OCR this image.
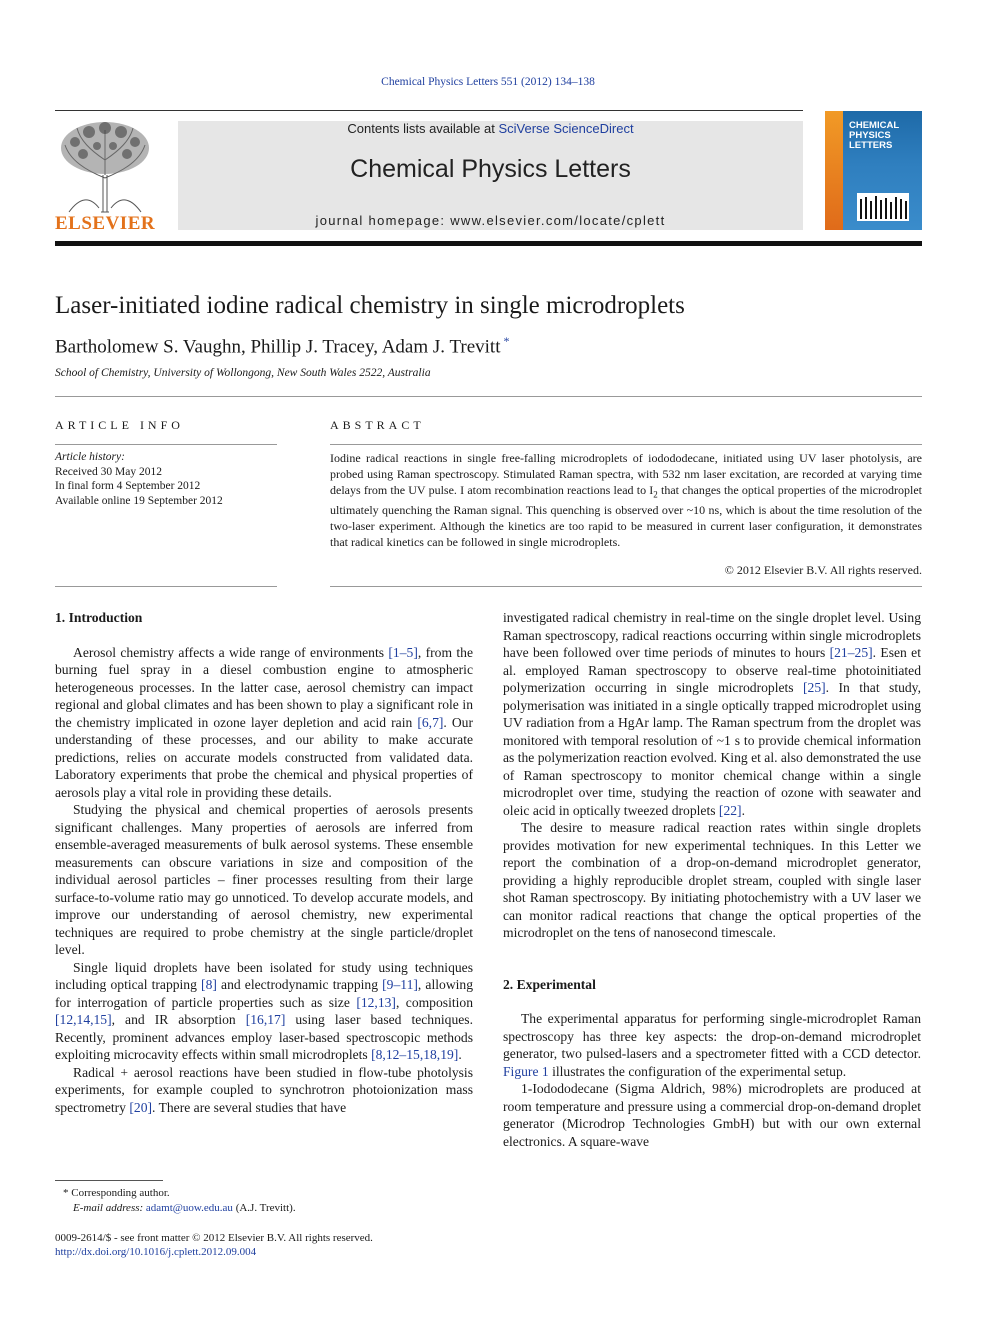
Chemical Physics Letters 551 (2012) 134–138
ELSEVIER
Contents lists available at SciVerse ScienceDirect
Chemical Physics Letters
journal homepage: www.elsevier.com/locate/cplett
CHEMICAL
PHYSICS
LETTERS
Laser-initiated iodine radical chemistry in single microdroplets
Bartholomew S. Vaughn, Phillip J. Tracey, Adam J. Trevitt *
School of Chemistry, University of Wollongong, New South Wales 2522, Australia
ARTICLE INFO	ABSTRACT
Article history:
Received 30 May 2012
In final form 4 September 2012
Available online 19 September 2012
Iodine radical reactions in single free-falling microdroplets of iodododecane, initiated using UV laser photolysis, are probed using Raman spectroscopy. Stimulated Raman spectra, with 532 nm laser excitation, are recorded at varying time delays from the UV pulse. I atom recombination reactions lead to $I_2$ that changes the optical properties of the microdroplet ultimately quenching the Raman signal. This quenching is observed over ~10 ns, which is about the time resolution of the two-laser experiment. Although the kinetics are too rapid to be measured in current laser configuration, it demonstrates that radical kinetics can be followed in single microdroplets.
© 2012 Elsevier B.V. All rights reserved.
1. Introduction

Aerosol chemistry affects a wide range of environments [1–5], from the burning fuel spray in a diesel combustion engine to atmospheric heterogeneous processes. In the latter case, aerosol chemistry can impact regional and global climates and has been shown to play a significant role in the chemistry implicated in ozone layer depletion and acid rain [6,7]. Our understanding of these processes, and our ability to make accurate predictions, relies on accurate models constructed from validated data. Laboratory experiments that probe the chemical and physical properties of aerosols play a vital role in providing these details.

Studying the physical and chemical properties of aerosols presents significant challenges. Many properties of aerosols are inferred from ensemble-averaged measurements of bulk aerosol systems. These ensemble measurements can obscure variations in size and composition of the individual aerosol particles – finer processes resulting from their large surface-to-volume ratio may go unnoticed. To develop accurate models, and improve our understanding of aerosol chemistry, new experimental techniques are required to probe chemistry at the single particle/droplet level.

Single liquid droplets have been isolated for study using techniques including optical trapping [8] and electrodynamic trapping [9–11], allowing for interrogation of particle properties such as size [12,13], composition [12,14,15], and IR absorption [16,17] using laser based techniques. Recently, prominent advances employ laser-based spectroscopic methods exploiting microcavity effects within small microdroplets [8,12–15,18,19].

Radical + aerosol reactions have been studied in flow-tube photolysis experiments, for example coupled to synchrotron photoionization mass spectrometry [20]. There are several studies that have

investigated radical chemistry in real-time on the single droplet level. Using Raman spectroscopy, radical reactions occurring within single microdroplets have been followed over time periods of minutes to hours [21–25]. Esen et al. employed Raman spectroscopy to observe real-time photoinitiated polymerization occurring in single microdroplets [25]. In that study, polymerisation was initiated in a single optically trapped microdroplet using UV radiation from a HgAr lamp. The Raman spectrum from the droplet was monitored with temporal resolution of ~1 s to provide chemical information as the polymerization reaction evolved. King et al. also demonstrated the use of Raman spectroscopy to monitor chemical change within a single microdroplet over time, studying the reaction of ozone with seawater and oleic acid in optically tweezed droplets [22].

The desire to measure radical reaction rates within single droplets provides motivation for new experimental techniques. In this Letter we report the combination of a drop-on-demand microdroplet generator, providing a highly reproducible droplet stream, coupled with single laser shot Raman spectroscopy. By initiating photochemistry with a UV laser we can monitor radical reactions that change the optical properties of the microdroplet on the tens of nanosecond timescale.

2. Experimental

The experimental apparatus for performing single-microdroplet Raman spectroscopy has three key aspects: the drop-on-demand microdroplet generator, two pulsed-lasers and a spectrometer fitted with a CCD detector. Figure 1 illustrates the configuration of the experimental setup.

1-Iodododecane (Sigma Aldrich, 98%) microdroplets are produced at room temperature and pressure using a commercial drop-on-demand droplet generator (Microdrop Technologies GmbH) but with our own external electronics. A square-wave

* Corresponding author.
E-mail address: adamt@uow.edu.au (A.J. Trevitt).
0009-2614/$ - see front matter © 2012 Elsevier B.V. All rights reserved.
http://dx.doi.org/10.1016/j.cplett.2012.09.004
